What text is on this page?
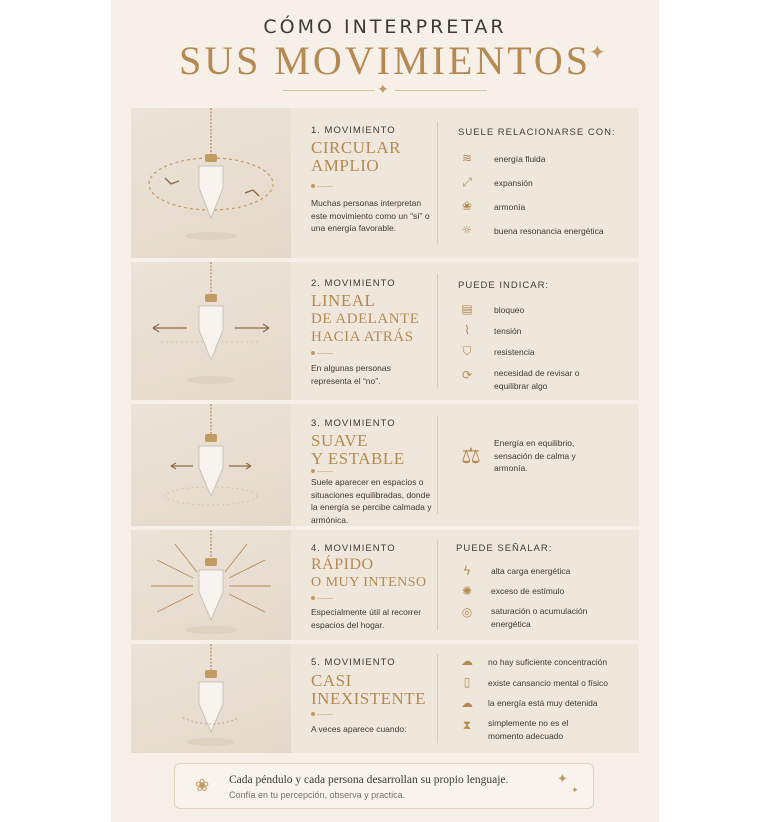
CÓMO INTERPRETAR
SUS MOVIMIENTOS
✦
✦
1. MOVIMIENTO
CIRCULAR
AMPLIO
Muchas personas interpretan este movimiento como un “sí” o una energía favorable.
SUELE RELACIONARSE CON:
≋	energía fluida
⤢	expansión
❀	armonía
☼	buena resonancia energética
2. MOVIMIENTO
LINEAL
DE ADELANTE
HACIA ATRÁS
En algunas personas representa el “no”.
PUEDE INDICAR:
▤	bloqueo
⌇	tensión
⛉	resistencia
⟳	necesidad de revisar o equilibrar algo
3. MOVIMIENTO
SUAVE
Y ESTABLE
Suele aparecer en espacios o situaciones equilibradas, donde la energía se percibe calmada y armónica.
⚖
Energía en equilibrio, sensación de calma y armonía.
4. MOVIMIENTO
RÁPIDO
O MUY INTENSO
Especialmente útil al recorrer espacios del hogar.
PUEDE SEÑALAR:
ϟ	alta carga energética
✺	exceso de estímulo
◎	saturación o acumulación energética
5. MOVIMIENTO
CASI
INEXISTENTE
A veces aparece cuando:
☁	no hay suficiente concentración
▯	existe cansancio mental o físico
☁	la energía está muy detenida
⧗	simplemente no es el momento adecuado
❀ Cada péndulo y cada persona desarrollan su propio lenguaje.
Confía en tu percepción, observa y practica.
✦
✦
